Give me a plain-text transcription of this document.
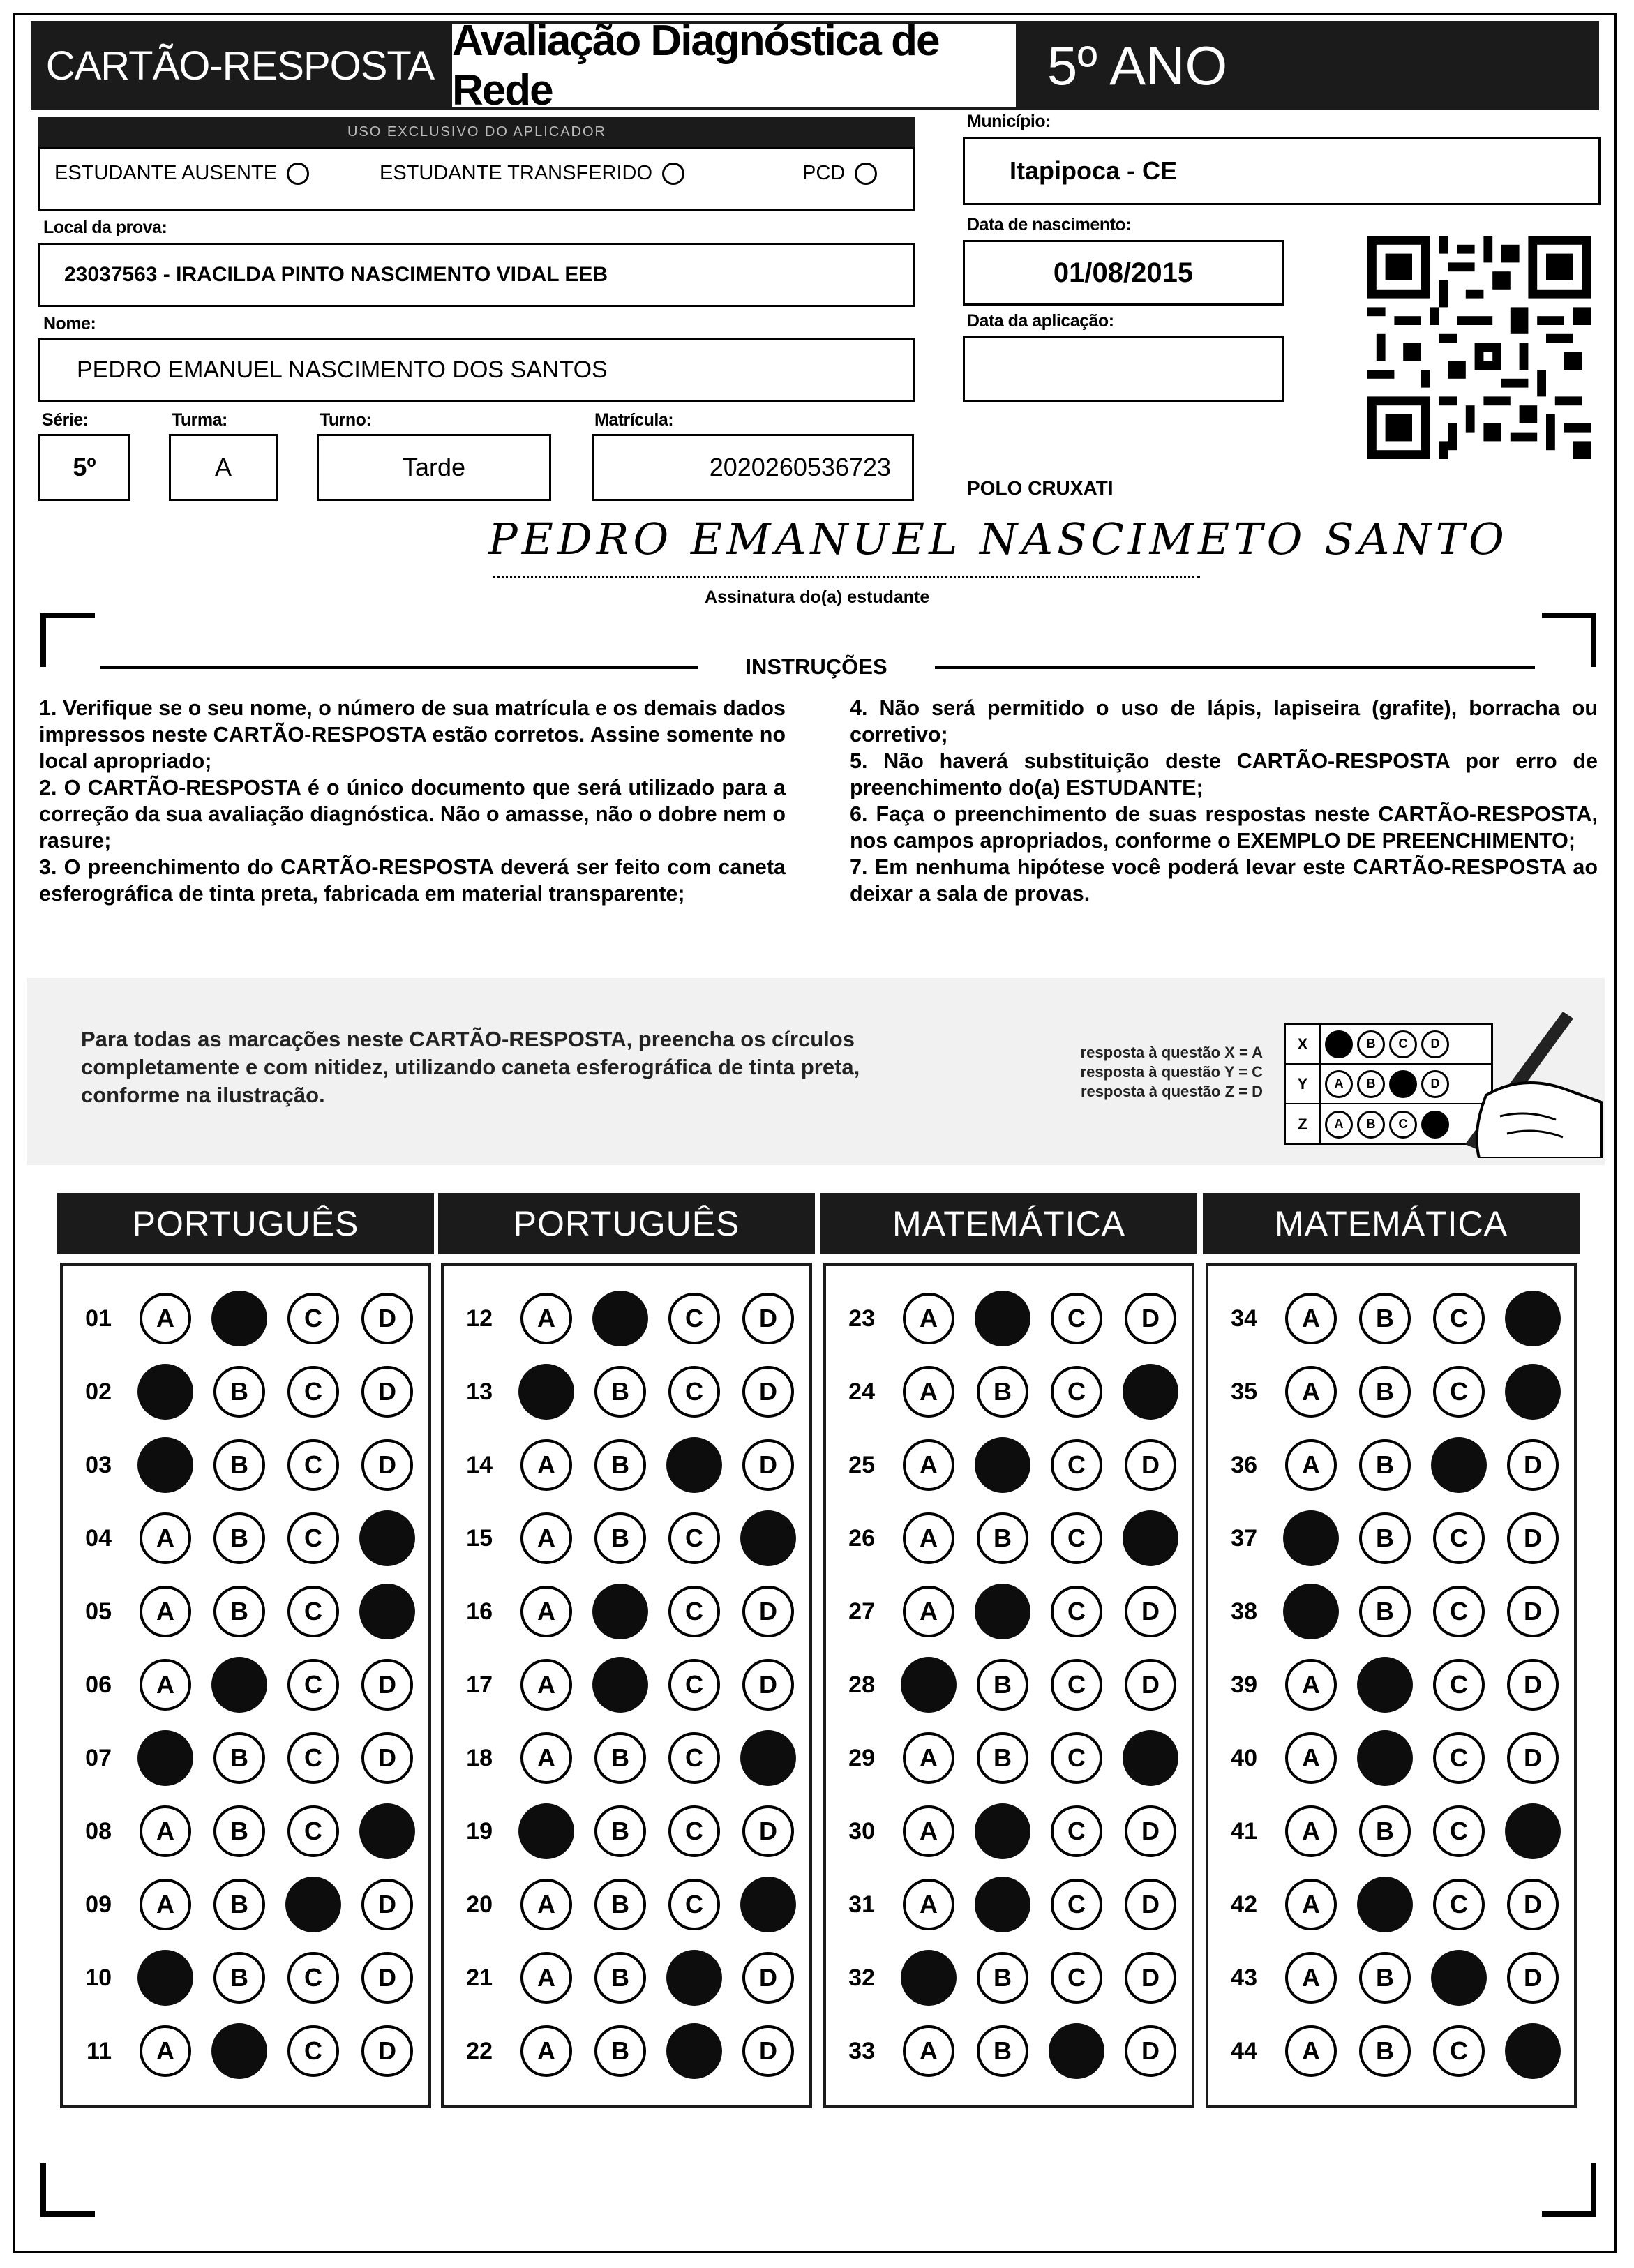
CARTÃO-RESPOSTA
Avaliação Diagnóstica de Rede	5º ANO
USO EXCLUSIVO DO APLICADOR
ESTUDANTE AUSENTE	ESTUDANTE TRANSFERIDO	PCD
Local da prova:
23037563 - IRACILDA PINTO NASCIMENTO VIDAL EEB
Nome:
PEDRO EMANUEL NASCIMENTO DOS SANTOS
Série:
5º
Turma:
A
Turno:
Tarde
Matrícula:
2020260536723
Município:
Itapipoca - CE
Data de nascimento:
01/08/2015
Data da aplicação:
POLO CRUXATI
PEDRO EMANUEL NASCIMETO SANTO
Assinatura do(a) estudante
INSTRUÇÕES
1. Verifique se o seu nome, o número de sua matrícula e os demais dados impressos neste CARTÃO-RESPOSTA estão corretos. Assine somente no local apropriado;
2. O CARTÃO-RESPOSTA é o único documento que será utilizado para a correção da sua avaliação diagnóstica. Não o amasse, não o dobre nem o rasure;
3. O preenchimento do CARTÃO-RESPOSTA deverá ser feito com caneta esferográfica de tinta preta, fabricada em material transparente;
4. Não será permitido o uso de lápis, lapiseira (grafite), borracha ou corretivo;
5. Não haverá substituição deste CARTÃO-RESPOSTA por erro de preenchimento do(a) ESTUDANTE;
6. Faça o preenchimento de suas respostas neste CARTÃO-RESPOSTA, nos campos apropriados, conforme o EXEMPLO DE PREENCHIMENTO;
7. Em nenhuma hipótese você poderá levar este CARTÃO-RESPOSTA ao deixar a sala de provas.
Para todas as marcações neste CARTÃO-RESPOSTA, preencha os círculos completamente e com nitidez, utilizando caneta esferográfica de tinta preta, conforme na ilustração.
resposta à questão X = A
resposta à questão Y = C
resposta à questão Z = D
X	A	B	C	D
Y	A	B	C	D
Z	A	B	C	D
PORTUGUÊS
01	A	B	C	D
02	A	B	C	D
03	A	B	C	D
04	A	B	C	D
05	A	B	C	D
06	A	B	C	D
07	A	B	C	D
08	A	B	C	D
09	A	B	C	D
10	A	B	C	D
11	A	B	C	D
PORTUGUÊS
12	A	B	C	D
13	A	B	C	D
14	A	B	C	D
15	A	B	C	D
16	A	B	C	D
17	A	B	C	D
18	A	B	C	D
19	A	B	C	D
20	A	B	C	D
21	A	B	C	D
22	A	B	C	D
MATEMÁTICA
23	A	B	C	D
24	A	B	C	D
25	A	B	C	D
26	A	B	C	D
27	A	B	C	D
28	A	B	C	D
29	A	B	C	D
30	A	B	C	D
31	A	B	C	D
32	A	B	C	D
33	A	B	C	D
MATEMÁTICA
34	A	B	C	D
35	A	B	C	D
36	A	B	C	D
37	A	B	C	D
38	A	B	C	D
39	A	B	C	D
40	A	B	C	D
41	A	B	C	D
42	A	B	C	D
43	A	B	C	D
44	A	B	C	D
